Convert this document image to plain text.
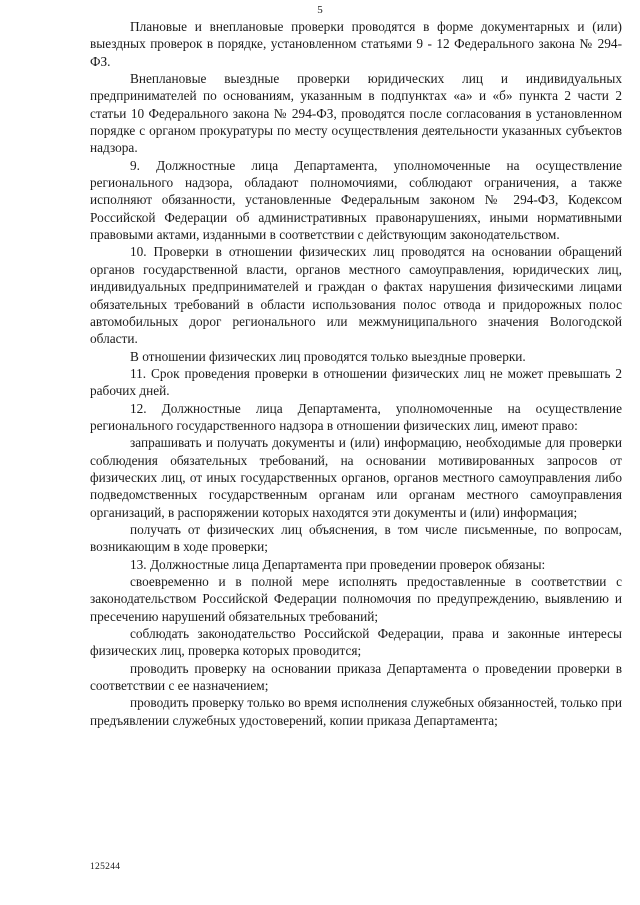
5

Плановые и внеплановые проверки проводятся в форме документарных и (или) выездных проверок в порядке, установленном статьями 9 - 12 Федерального закона № 294-ФЗ.

Внеплановые выездные проверки юридических лиц и индивидуальных предпринимателей по основаниям, указанным в подпунктах «а» и «б» пункта 2 части 2 статьи 10 Федерального закона № 294-ФЗ, проводятся после согласования в установленном порядке с органом прокуратуры по месту осуществления деятельности указанных субъектов надзора.

9. Должностные лица Департамента, уполномоченные на осуществление регионального надзора, обладают полномочиями, соблюдают ограничения, а также исполняют обязанности, установленные Федеральным законом № 294-ФЗ, Кодексом Российской Федерации об административных правонарушениях, иными нормативными правовыми актами, изданными в соответствии с действующим законодательством.

10. Проверки в отношении физических лиц проводятся на основании обращений органов государственной власти, органов местного самоуправления, юридических лиц, индивидуальных предпринимателей и граждан о фактах нарушения физическими лицами обязательных требований в области использования полос отвода и придорожных полос автомобильных дорог регионального или межмуниципального значения Вологодской области.

В отношении физических лиц проводятся только выездные проверки.

11. Срок проведения проверки в отношении физических лиц не может превышать 2 рабочих дней.

12. Должностные лица Департамента, уполномоченные на осуществление регионального государственного надзора в отношении физических лиц, имеют право:

запрашивать и получать документы и (или) информацию, необходимые для проверки соблюдения обязательных требований, на основании мотивированных запросов от физических лиц, от иных государственных органов, органов местного самоуправления либо подведомственных государственным органам или органам местного самоуправления организаций, в распоряжении которых находятся эти документы и (или) информация;

получать от физических лиц объяснения, в том числе письменные, по вопросам, возникающим в ходе проверки;

13. Должностные лица Департамента при проведении проверок обязаны:

своевременно и в полной мере исполнять предоставленные в соответствии с законодательством Российской Федерации полномочия по предупреждению, выявлению и пресечению нарушений обязательных требований;

соблюдать законодательство Российской Федерации, права и законные интересы физических лиц, проверка которых проводится;

проводить проверку на основании приказа Департамента о проведении проверки в соответствии с ее назначением;

проводить проверку только во время исполнения служебных обязанностей, только при предъявлении служебных удостоверений, копии приказа Департамента;

125244
